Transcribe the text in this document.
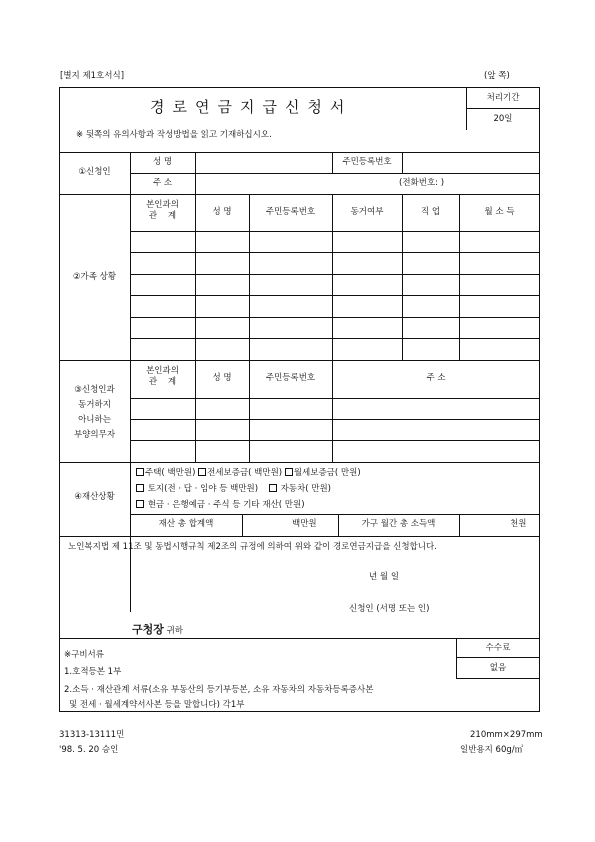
[별지 제1호서식]	(앞 쪽)
경로연금지급신청서
※ 뒷쪽의 유의사항과 작성방법을 읽고 기재하십시오.
처리기간
20일
①신청인
성 명	주민등록번호
주 소	(전화번호: )
②가족 상황
본인과의
관    계	성 명	주민등록번호	동거여부	직 업	월 소 득
③신청인과
동거하지
아니하는
부양의무자
본인과의
관    계	성 명	주민등록번호	주 소
④재산상황
주택( 백만원) 전세보증금( 백만원) 월세보증금( 만원)
토지(전 · 답 · 임야 등 백만원)	자동차( 만원)
현금 · 은행예금 · 주식 등 기타 재산( 만원)
재산 총 합계액	백만원	가구 월간 총 소득액	천원
노인복지법 제 11조 및 동법시행규칙 제2조의 규정에 의하여 위와 같이 경로연금지급을 신청합니다.
년 월 일
신청인 (서명 또는 인)
구청장 귀하
※구비서류
1.호적등본 1부
2.소득 · 재산관계 서류(소유 부동산의 등기부등본, 소유 자동차의 자동차등록증사본
및 전세 · 월세계약서사본 등을 말합니다) 각1부
수수료
없음
31313-13111민
'98. 5. 20 승인
210mm×297mm
일반용지 60g/㎡
